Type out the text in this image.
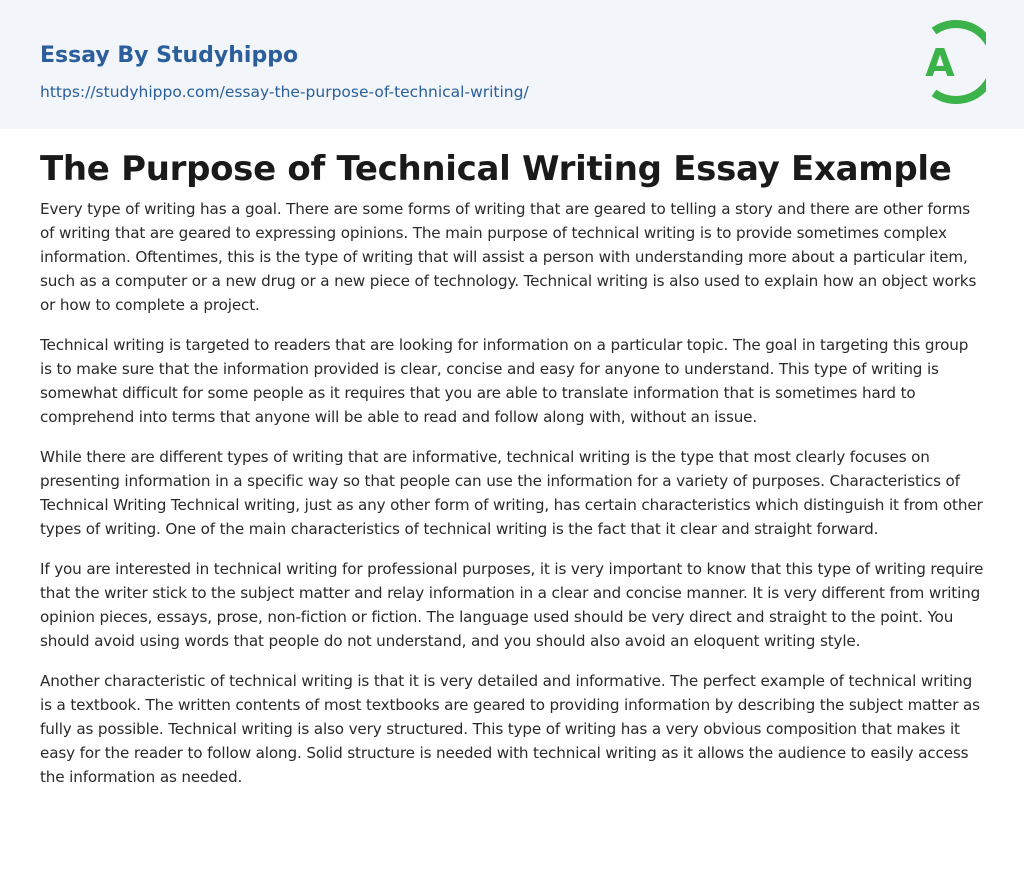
Essay By Studyhippo
https://studyhippo.com/essay-the-purpose-of-technical-writing/
A
The Purpose of Technical Writing Essay Example

Every type of writing has a goal. There are some forms of writing that are geared to telling a story and there are other forms of writing that are geared to expressing opinions. The main purpose of technical writing is to provide sometimes complex information. Oftentimes, this is the type of writing that will assist a person with understanding more about a particular item, such as a computer or a new drug or a new piece of technology. Technical writing is also used to explain how an object works or how to complete a project.

Technical writing is targeted to readers that are looking for information on a particular topic. The goal in targeting this group is to make sure that the information provided is clear, concise and easy for anyone to understand. This type of writing is somewhat difficult for some people as it requires that you are able to translate information that is sometimes hard to comprehend into terms that anyone will be able to read and follow along with, without an issue.

While there are different types of writing that are informative, technical writing is the type that most clearly focuses on presenting information in a specific way so that people can use the information for a variety of purposes. Characteristics of Technical Writing Technical writing, just as any other form of writing, has certain characteristics which distinguish it from other types of writing. One of the main characteristics of technical writing is the fact that it clear and straight forward.

If you are interested in technical writing for professional purposes, it is very important to know that this type of writing require that the writer stick to the subject matter and relay information in a clear and concise manner. It is very different from writing opinion pieces, essays, prose, non-fiction or fiction. The language used should be very direct and straight to the point. You should avoid using words that people do not understand, and you should also avoid an eloquent writing style.

Another characteristic of technical writing is that it is very detailed and informative. The perfect example of technical writing is a textbook. The written contents of most textbooks are geared to providing information by describing the subject matter as fully as possible. Technical writing is also very structured. This type of writing has a very obvious composition that makes it easy for the reader to follow along. Solid structure is needed with technical writing as it allows the audience to easily access the information as needed.
